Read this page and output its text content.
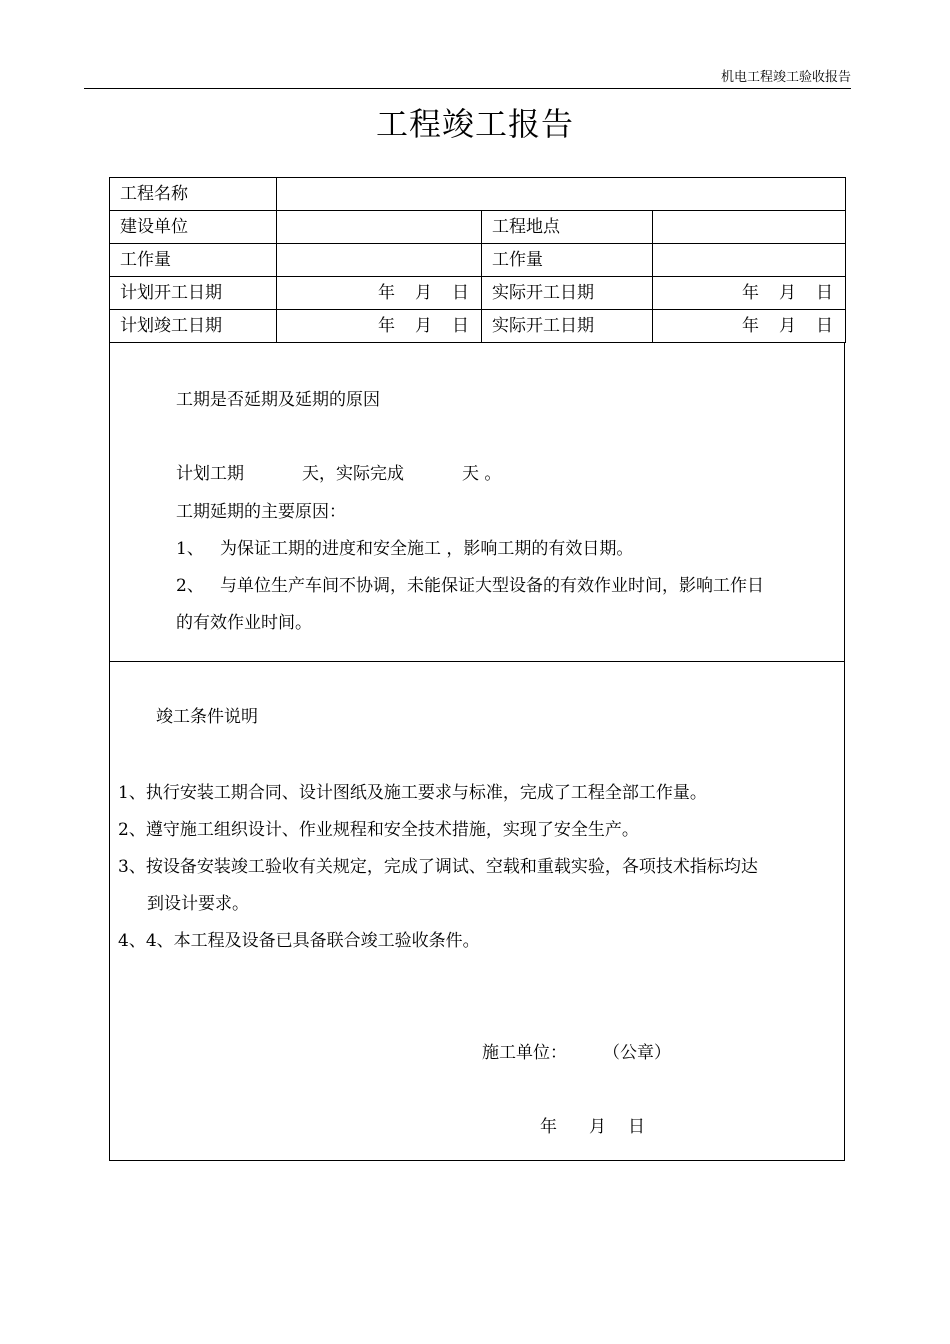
机电工程竣工验收报告
工程竣工报告
工程名称			
建设单位		工程地点	
工作量		工作量	
计划开工日期	年 月 日	实际开工日期	年 月 日
计划竣工日期	年 月 日	实际开工日期	年 月 日
工期是否延期及延期的原因
计划工期	天，实际完成	天 。
工期延期的主要原因：
1、 为保证工期的进度和安全施工 ，影响工期的有效日期。
2、 与单位生产车间不协调，未能保证大型设备的有效作业时间，影响工作日
的有效作业时间。
竣工条件说明
1、执行安装工期合同、设计图纸及施工要求与标准，完成了工程全部工作量。
2、遵守施工组织设计、作业规程和安全技术措施，实现了安全生产。
3、按设备安装竣工验收有关规定，完成了调试、空载和重载实验，各项技术指标均达
到设计要求。
4、4、本工程及设备已具备联合竣工验收条件。
施工单位： （公章）
年 月 日
